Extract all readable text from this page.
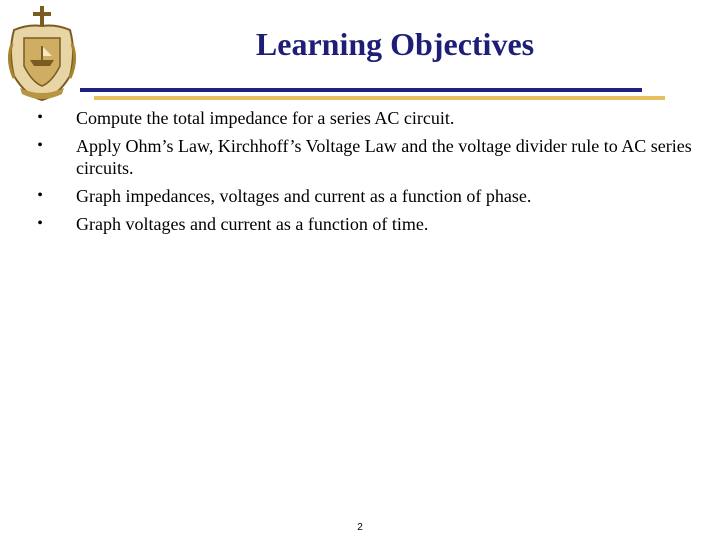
Learning Objectives
• Compute the total impedance for a series AC circuit.
• Apply Ohm’s Law, Kirchhoff’s Voltage Law and the voltage divider rule to AC series circuits.
• Graph impedances, voltages and current as a function of phase.
• Graph voltages and current as a function of time.
2
